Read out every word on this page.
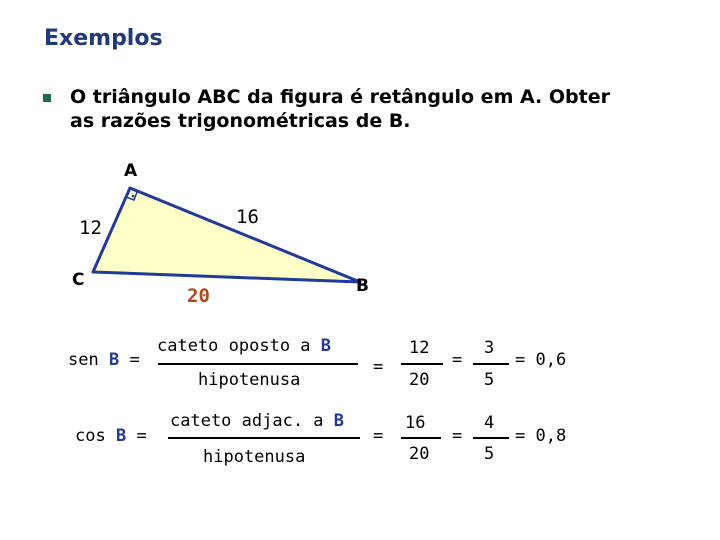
Exemplos
O triângulo ABC da figura é retângulo em A. Obter
as razões trigonométricas de B.
A
C	B
12	16
20
sen B =
cateto oposto a B
hipotenusa
=
12
20
=
3
5
= 0,6
cos B =
cateto adjac. a B
hipotenusa
=
16
20
=
4
5
= 0,8
